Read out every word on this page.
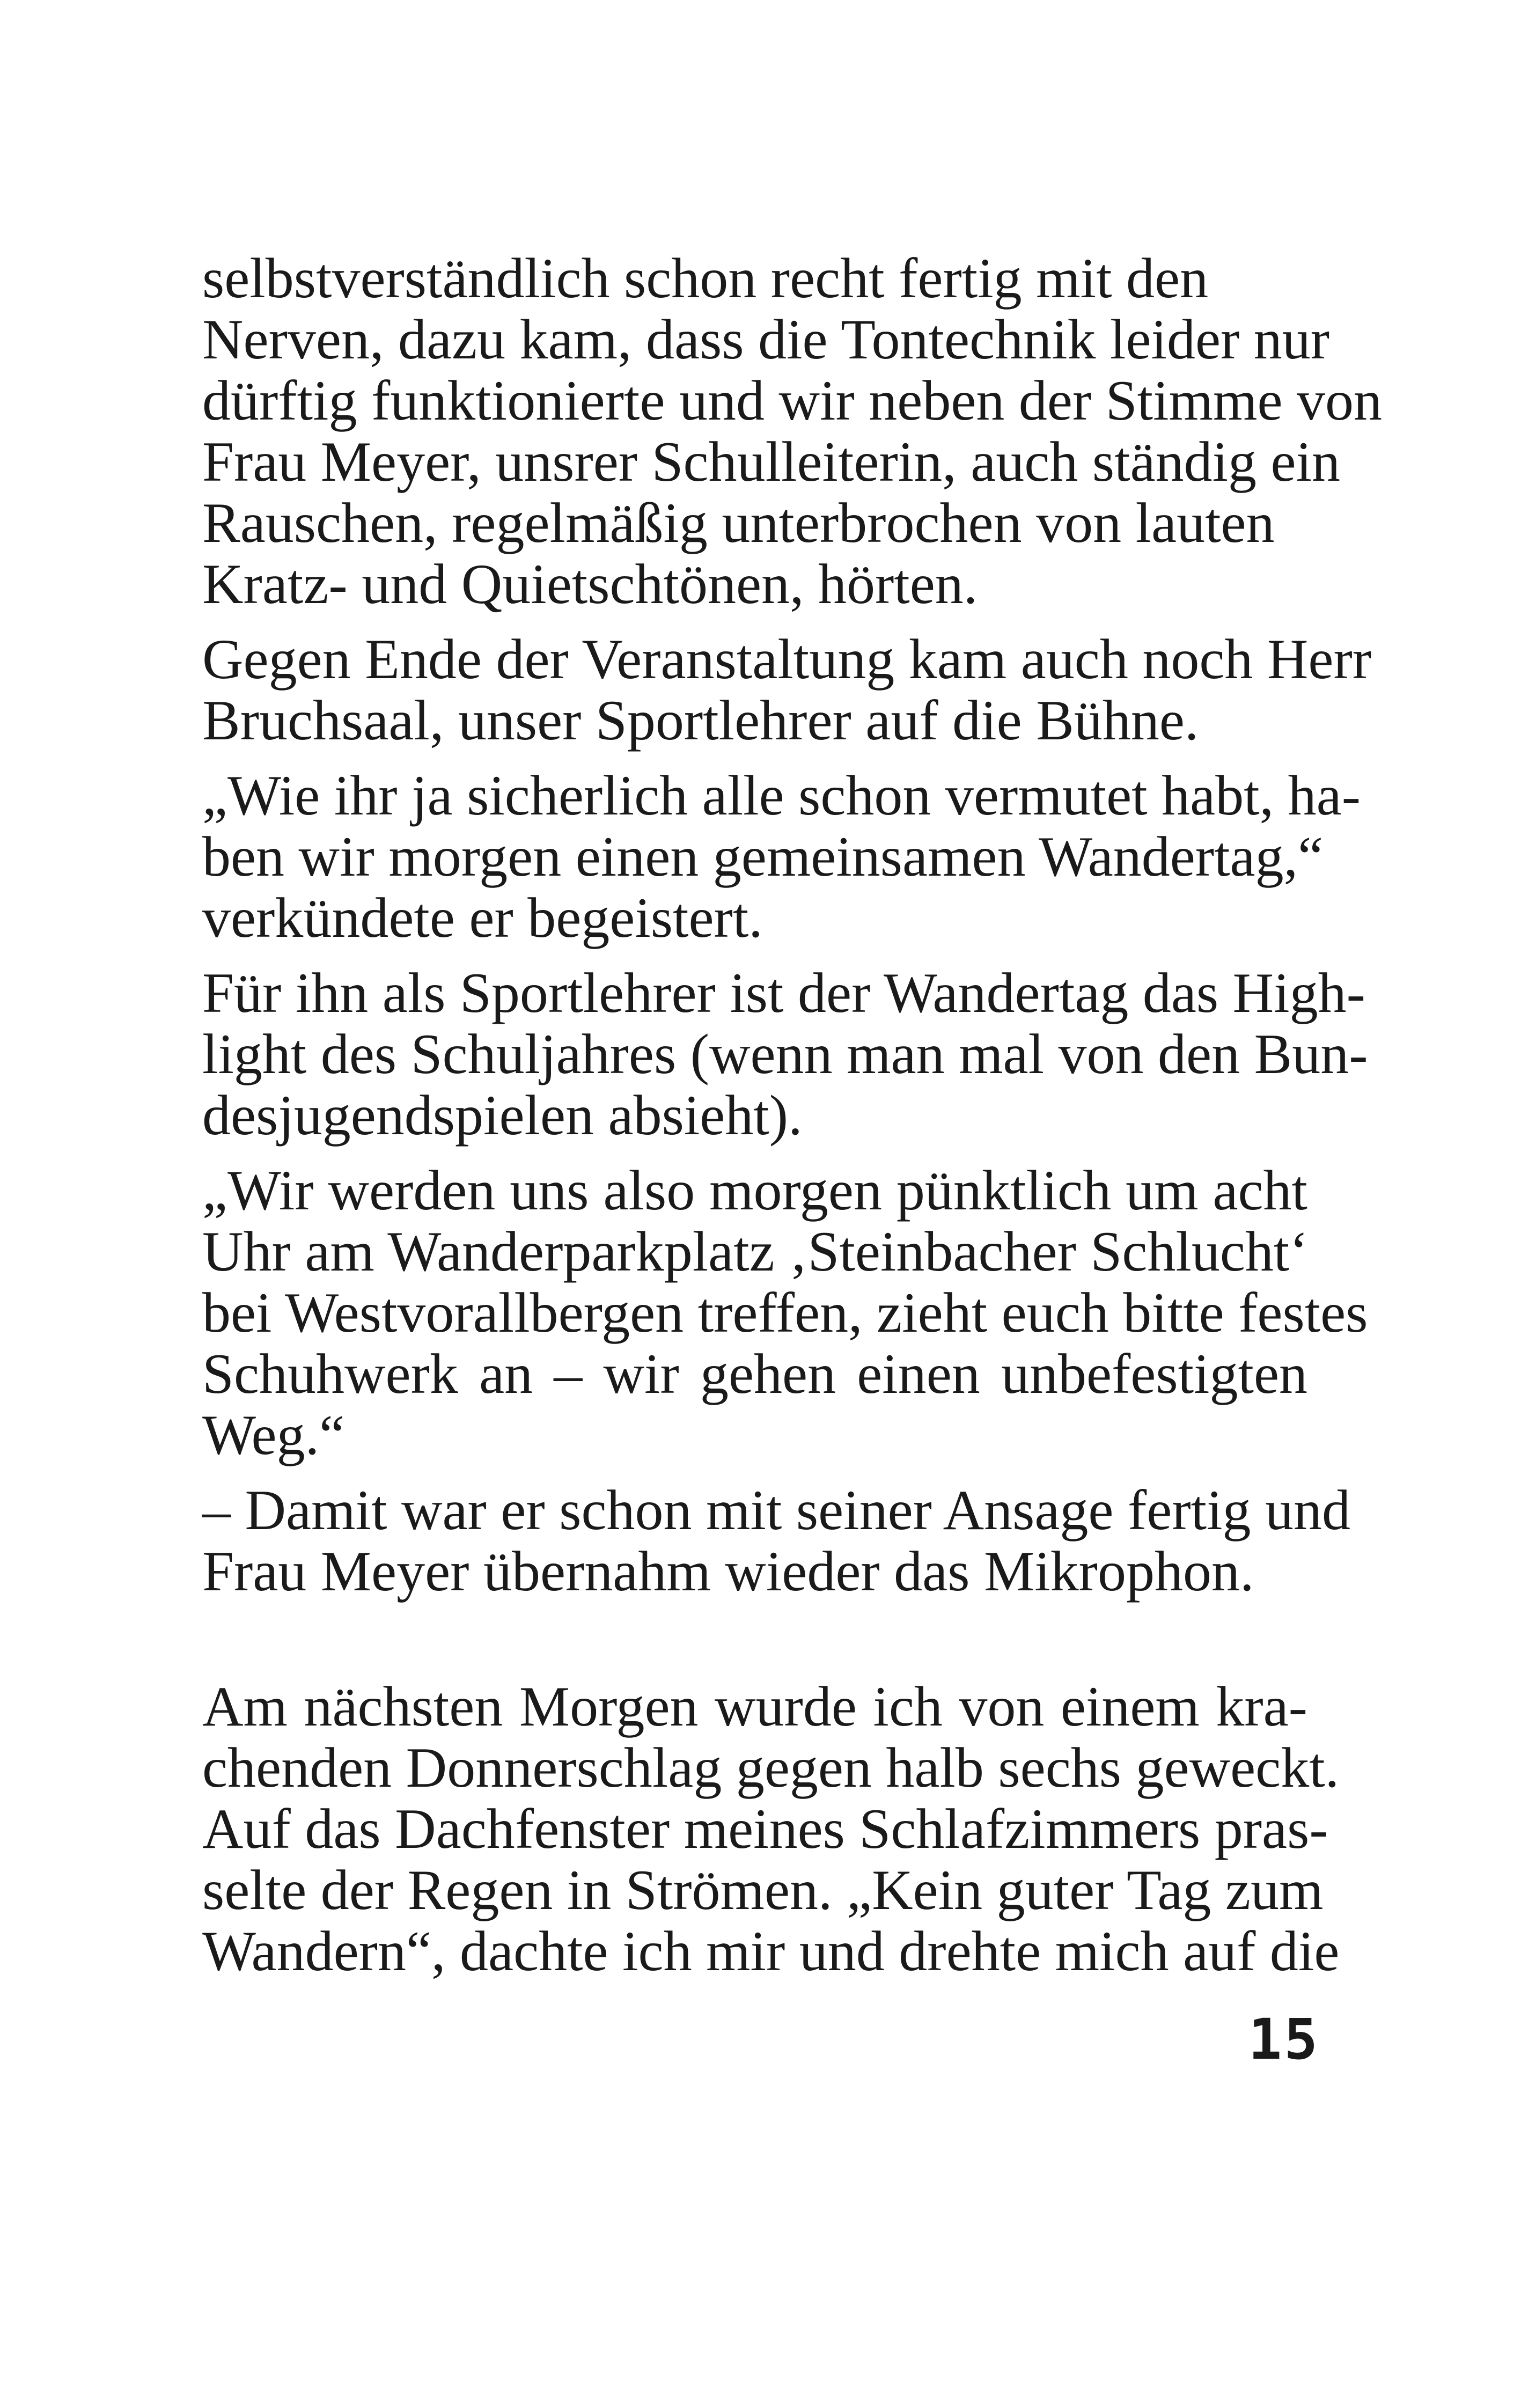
selbstverständlich schon recht fertig mit den
Nerven, dazu kam, dass die Tontechnik leider nur
dürftig funktionierte und wir neben der Stimme von
Frau Meyer, unsrer Schulleiterin, auch ständig ein
Rauschen, regelmäßig unterbrochen von lauten
Kratz- und Quietschtönen, hörten.
Gegen Ende der Veranstaltung kam auch noch Herr
Bruchsaal, unser Sportlehrer auf die Bühne.
„Wie ihr ja sicherlich alle schon vermutet habt, ha-
ben wir morgen einen gemeinsamen Wandertag,“
verkündete er begeistert.
Für ihn als Sportlehrer ist der Wandertag das High-
light des Schuljahres (wenn man mal von den Bun-
desjugendspielen absieht).
„Wir werden uns also morgen pünktlich um acht
Uhr am Wanderparkplatz ‚Steinbacher Schlucht‘
bei Westvorallbergen treffen, zieht euch bitte festes
Schuhwerk an – wir gehen einen unbefestigten
Weg.“
– Damit war er schon mit seiner Ansage fertig und
Frau Meyer übernahm wieder das Mikrophon.
Am nächsten Morgen wurde ich von einem kra-
chenden Donnerschlag gegen halb sechs geweckt.
Auf das Dachfenster meines Schlafzimmers pras-
selte der Regen in Strömen. „Kein guter Tag zum
Wandern“, dachte ich mir und drehte mich auf die
15
